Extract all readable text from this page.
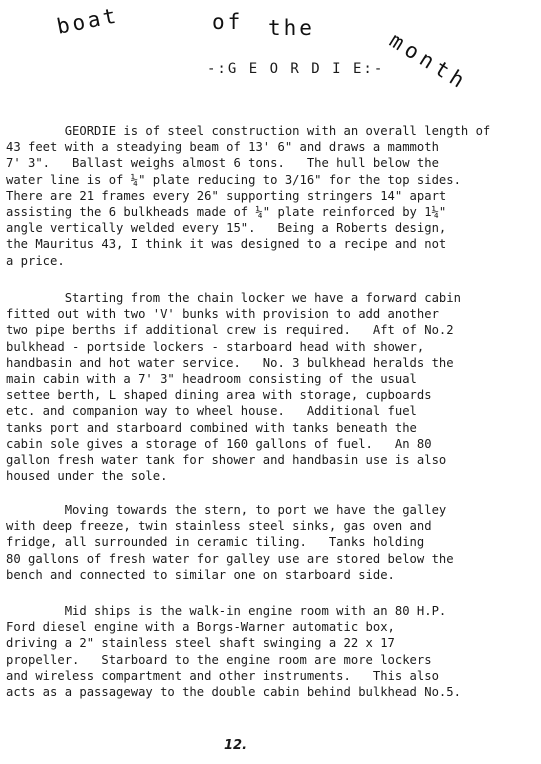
boat	of the	month
-:G E O R D I E:-
GEORDIE is of steel construction with an overall length of
43 feet with a steadying beam of 13' 6" and draws a mammoth
7' 3".   Ballast weighs almost 6 tons.   The hull below the
water line is of ¼" plate reducing to 3/16" for the top sides.
There are 21 frames every 26" supporting stringers 14" apart
assisting the 6 bulkheads made of ¼" plate reinforced by 1¼"
angle vertically welded every 15".   Being a Roberts design,
the Mauritus 43, I think it was designed to a recipe and not
a price.
Starting from the chain locker we have a forward cabin
fitted out with two 'V' bunks with provision to add another
two pipe berths if additional crew is required.   Aft of No.2
bulkhead - portside lockers - starboard head with shower,
handbasin and hot water service.   No. 3 bulkhead heralds the
main cabin with a 7' 3" headroom consisting of the usual
settee berth, L shaped dining area with storage, cupboards
etc. and companion way to wheel house.   Additional fuel
tanks port and starboard combined with tanks beneath the
cabin sole gives a storage of 160 gallons of fuel.   An 80
gallon fresh water tank for shower and handbasin use is also
housed under the sole.
Moving towards the stern, to port we have the galley
with deep freeze, twin stainless steel sinks, gas oven and
fridge, all surrounded in ceramic tiling.   Tanks holding
80 gallons of fresh water for galley use are stored below the
bench and connected to similar one on starboard side.
Mid ships is the walk-in engine room with an 80 H.P.
Ford diesel engine with a Borgs-Warner automatic box,
driving a 2" stainless steel shaft swinging a 22 x 17
propeller.   Starboard to the engine room are more lockers
and wireless compartment and other instruments.   This also
acts as a passageway to the double cabin behind bulkhead No.5.
12.
